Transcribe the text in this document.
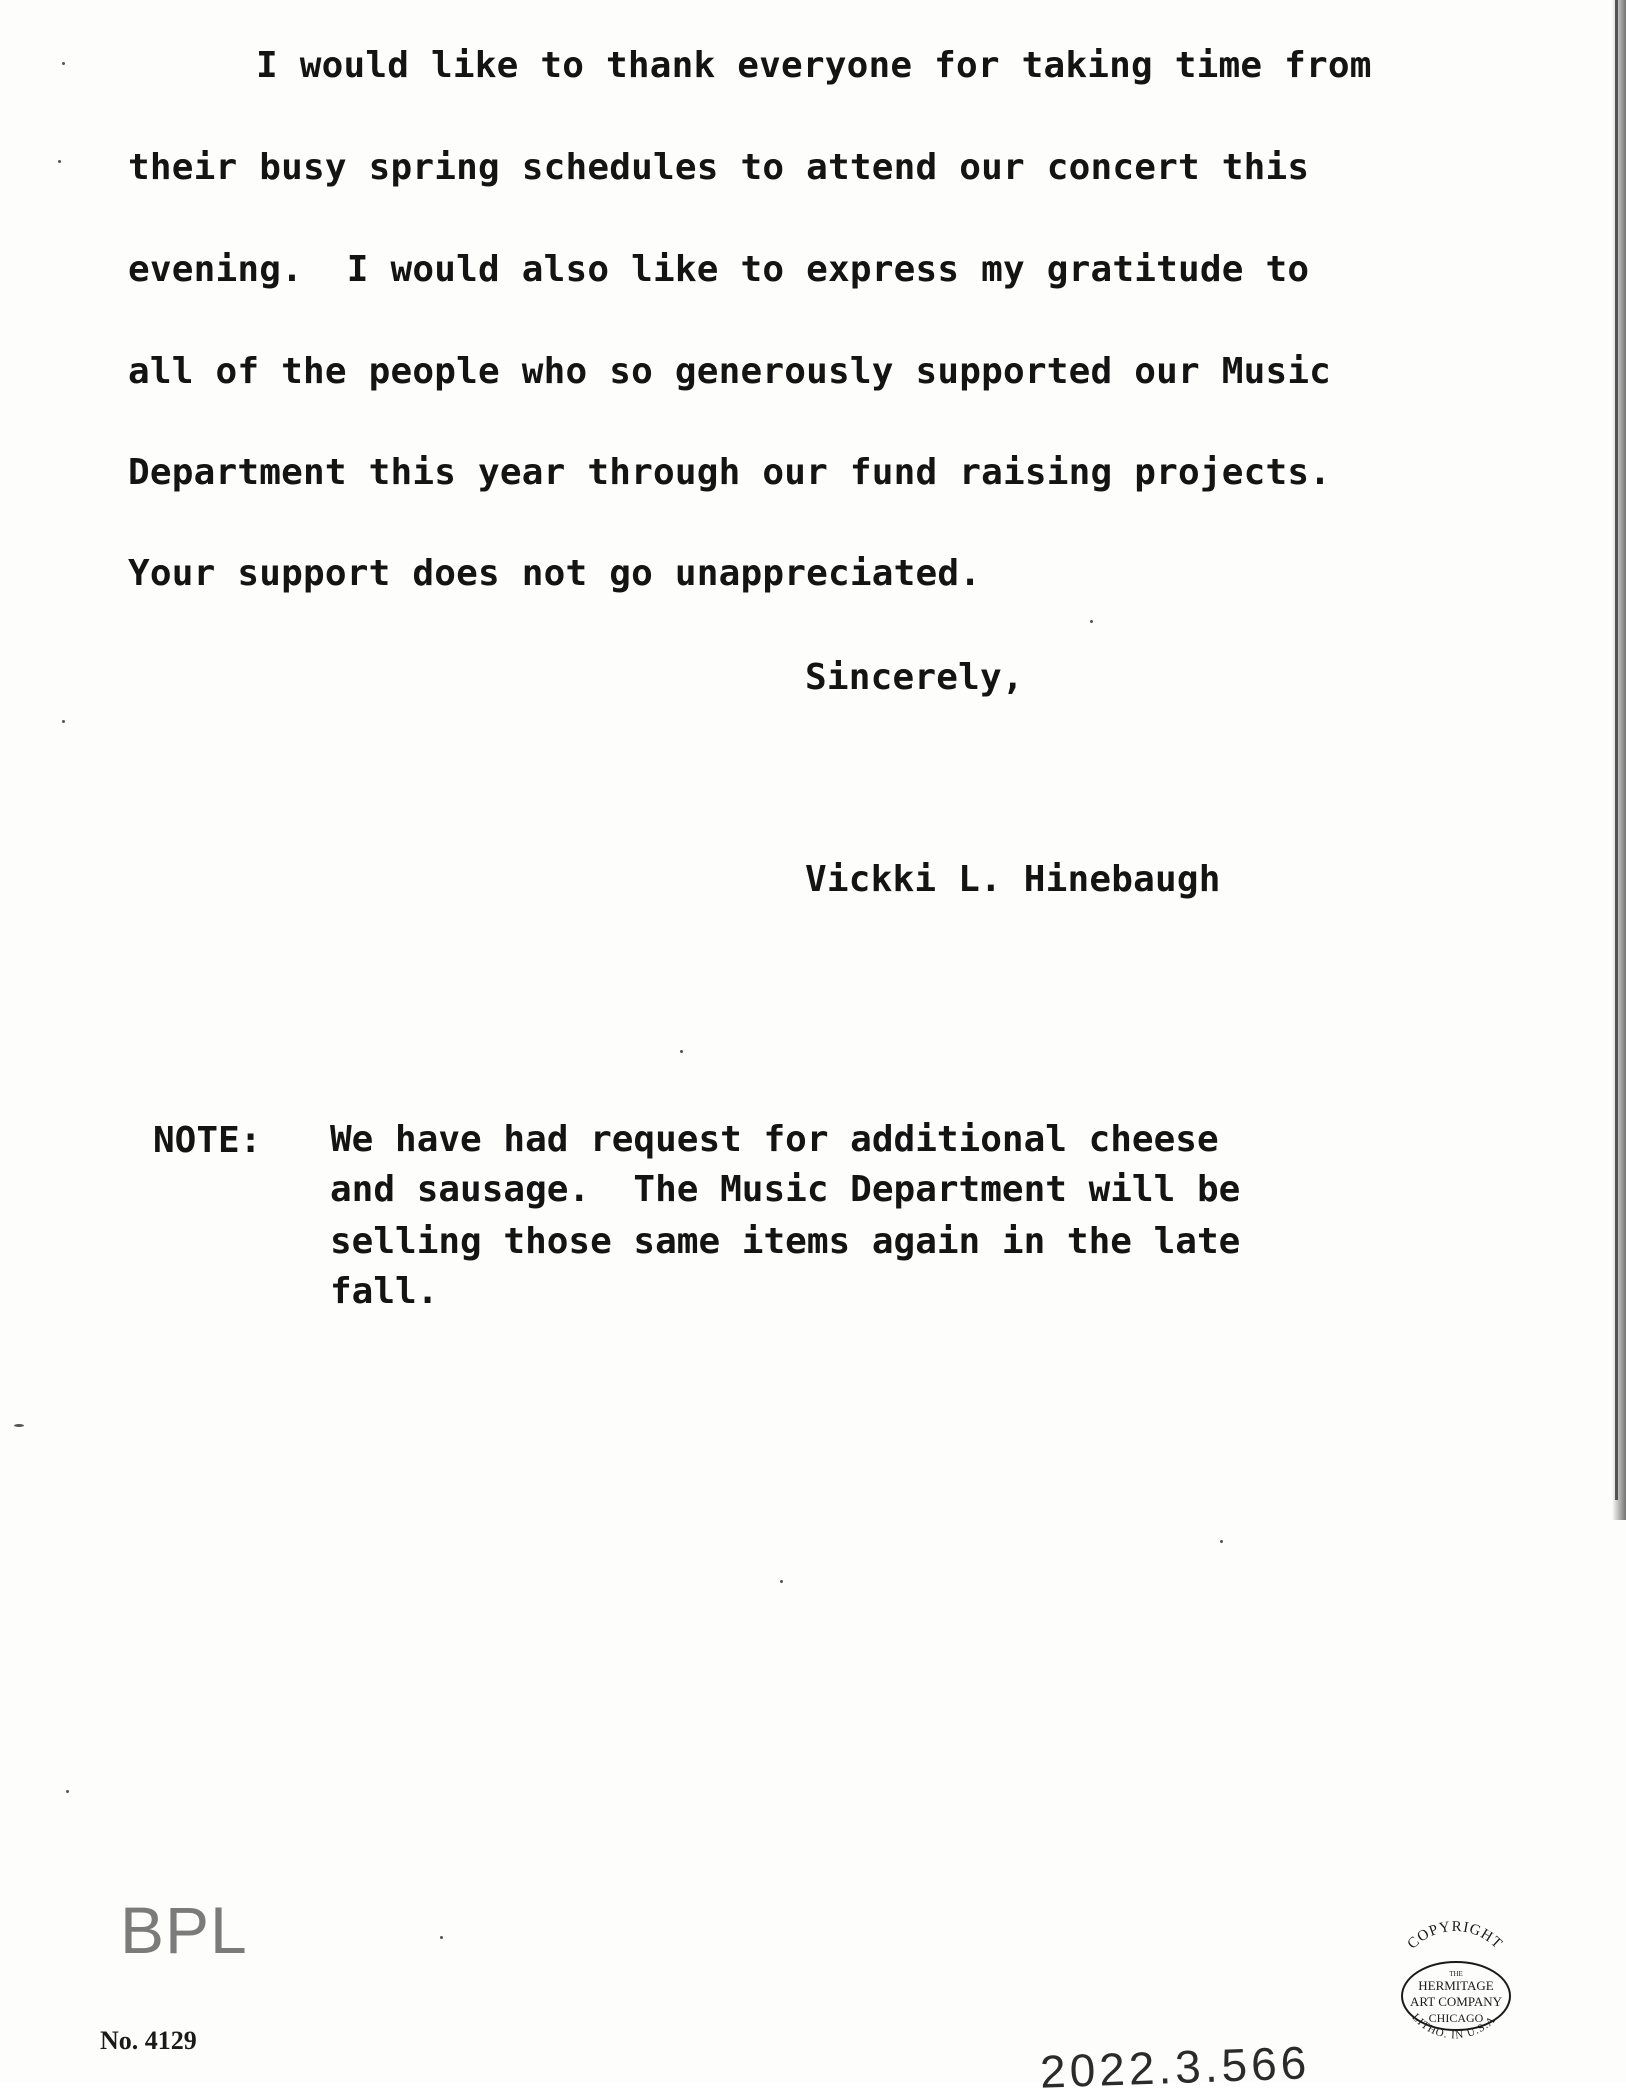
I would like to thank everyone for taking time from
their busy spring schedules to attend our concert this
evening.  I would also like to express my gratitude to
all of the people who so generously supported our Music
Department this year through our fund raising projects.
Your support does not go unappreciated.
Sincerely,
Vickki L. Hinebaugh
NOTE: We have had request for additional cheese
and sausage.  The Music Department will be
selling those same items again in the late
fall.
BPL
No. 4129	2022.3.566
COPYRIGHT
THE
HERMITAGE
ART COMPANY
CHICAGO
LITHO. IN U.S.A.
